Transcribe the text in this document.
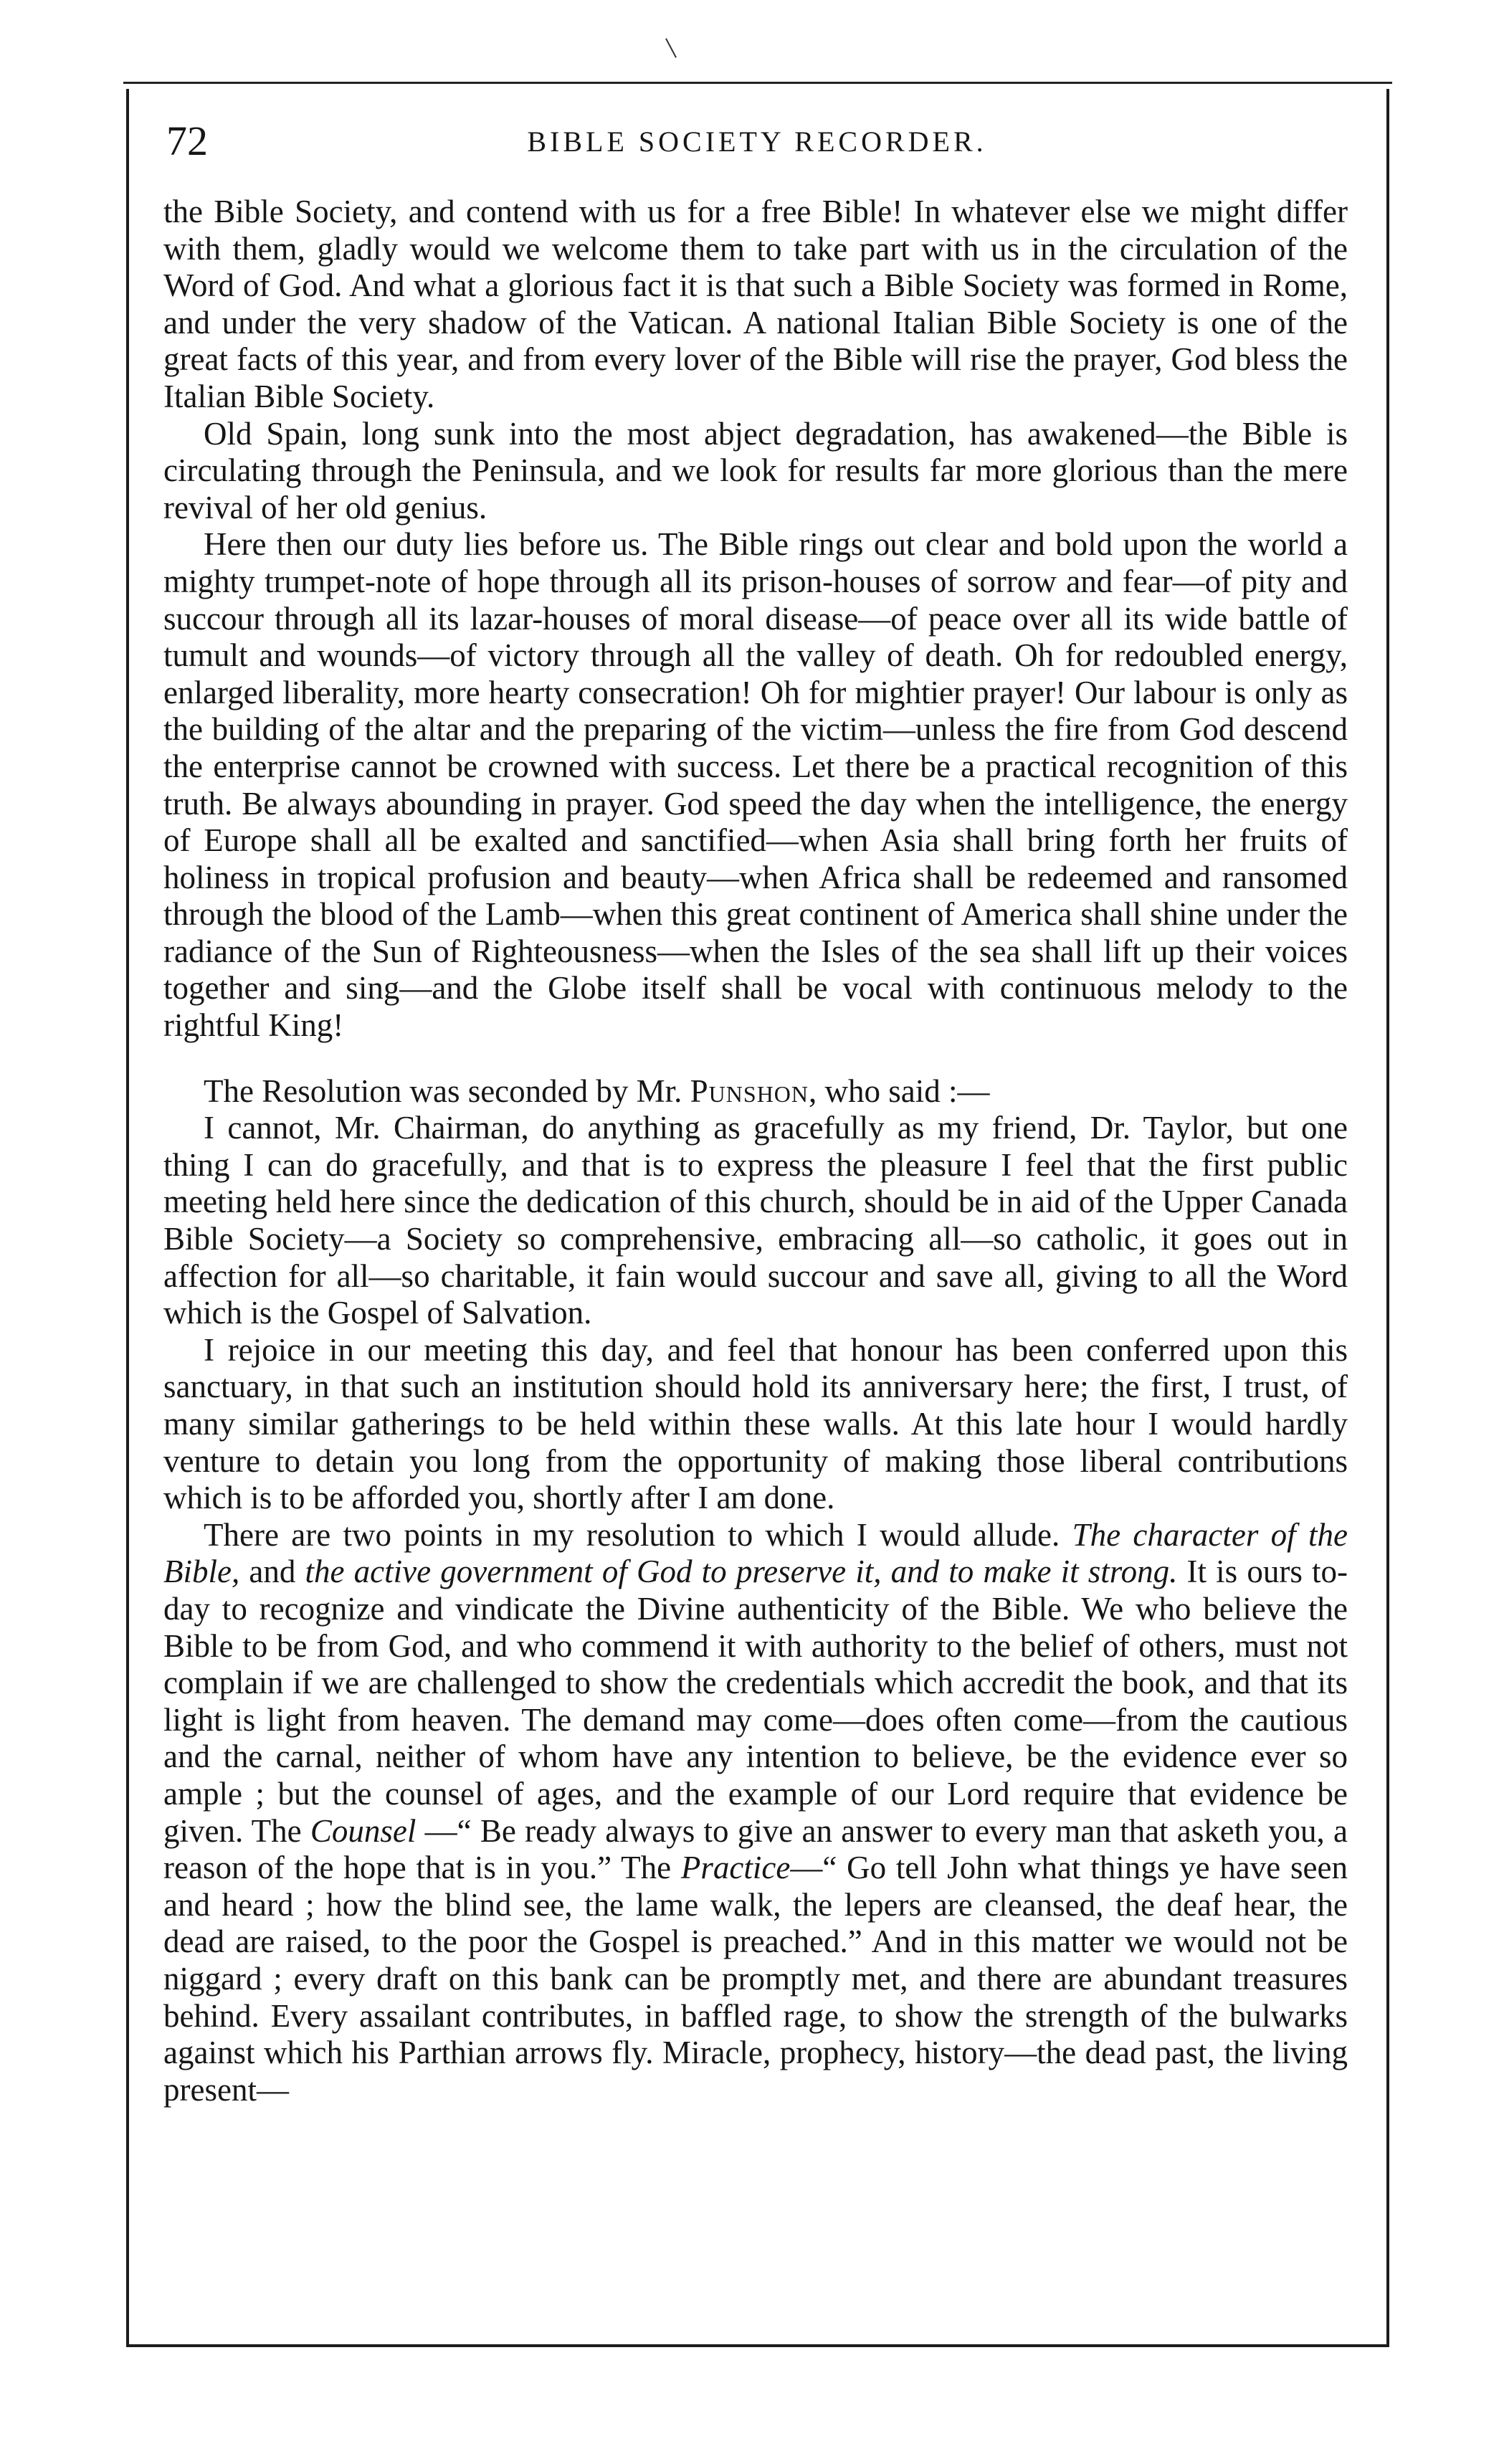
72	BIBLE SOCIETY RECORDER.

the Bible Society, and contend with us for a free Bible! In whatever else we might differ with them, gladly would we welcome them to take part with us in the circulation of the Word of God. And what a glorious fact it is that such a Bible Society was formed in Rome, and under the very shadow of the Vatican. A national Italian Bible Society is one of the great facts of this year, and from every lover of the Bible will rise the prayer, God bless the Italian Bible Society.

Old Spain, long sunk into the most abject degradation, has awakened—the Bible is circulating through the Peninsula, and we look for results far more glorious than the mere revival of her old genius.

Here then our duty lies before us. The Bible rings out clear and bold upon the world a mighty trumpet-note of hope through all its prison-houses of sorrow and fear—of pity and succour through all its lazar-houses of moral disease—of peace over all its wide battle of tumult and wounds—of victory through all the valley of death. Oh for redoubled energy, enlarged liberality, more hearty consecration! Oh for mightier prayer! Our labour is only as the building of the altar and the preparing of the victim—unless the fire from God descend the enterprise cannot be crowned with success. Let there be a practical recognition of this truth. Be always abounding in prayer. God speed the day when the intelligence, the energy of Europe shall all be exalted and sanctified—when Asia shall bring forth her fruits of holiness in tropical profusion and beauty—when Africa shall be redeemed and ransomed through the blood of the Lamb—when this great continent of America shall shine under the radiance of the Sun of Righteousness—when the Isles of the sea shall lift up their voices together and sing—and the Globe itself shall be vocal with continuous melody to the rightful King!

The Resolution was seconded by Mr. Punshon, who said :—

I cannot, Mr. Chairman, do anything as gracefully as my friend, Dr. Taylor, but one thing I can do gracefully, and that is to express the pleasure I feel that the first public meeting held here since the dedication of this church, should be in aid of the Upper Canada Bible Society—a Society so comprehensive, embracing all—so catholic, it goes out in affection for all—so charitable, it fain would succour and save all, giving to all the Word which is the Gospel of Salvation.

I rejoice in our meeting this day, and feel that honour has been conferred upon this sanctuary, in that such an institution should hold its anniversary here; the first, I trust, of many similar gatherings to be held within these walls. At this late hour I would hardly venture to detain you long from the opportunity of making those liberal contributions which is to be afforded you, shortly after I am done.

There are two points in my resolution to which I would allude. The character of the Bible, and the active government of God to preserve it, and to make it strong. It is ours to-day to recognize and vindicate the Divine authenticity of the Bible. We who believe the Bible to be from God, and who commend it with authority to the belief of others, must not complain if we are challenged to show the credentials which accredit the book, and that its light is light from heaven. The demand may come—does often come—from the cautious and the carnal, neither of whom have any intention to believe, be the evidence ever so ample ; but the counsel of ages, and the example of our Lord require that evidence be given. The Counsel —“ Be ready always to give an answer to every man that asketh you, a reason of the hope that is in you.” The Practice—“ Go tell John what things ye have seen and heard ; how the blind see, the lame walk, the lepers are cleansed, the deaf hear, the dead are raised, to the poor the Gospel is preached.” And in this matter we would not be niggard ; every draft on this bank can be promptly met, and there are abundant treasures behind. Every assailant contributes, in baffled rage, to show the strength of the bulwarks against which his Parthian arrows fly. Miracle, prophecy, history—the dead past, the living present—
